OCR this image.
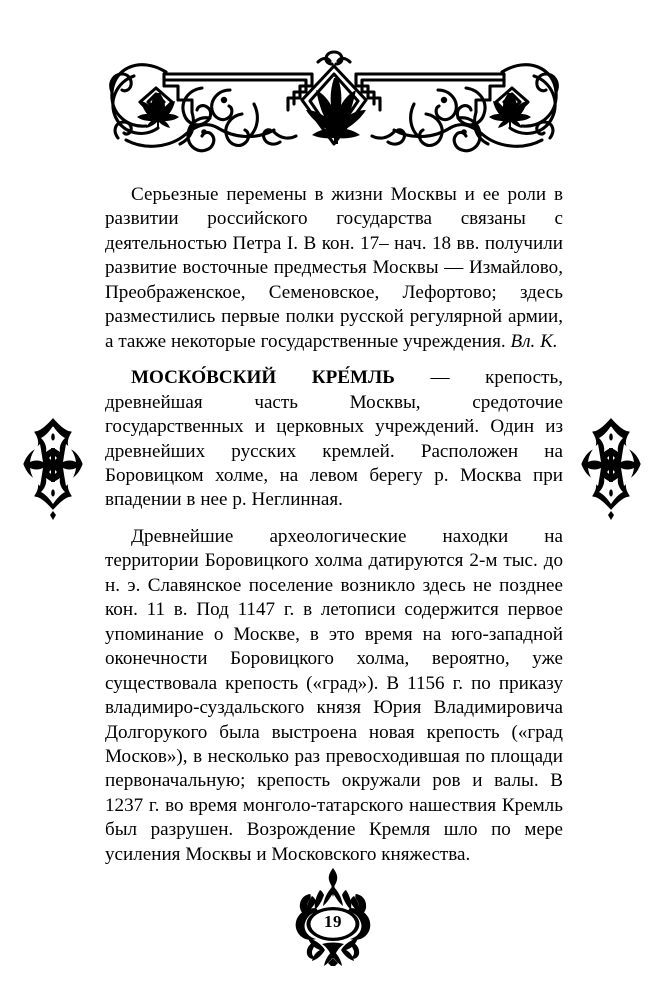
Серьезные перемены в жизни Москвы и ее роли в развитии российского государства связаны с деятельностью Петра I. В кон. 17– нач. 18 вв. получили развитие восточные предместья Москвы — Измайлово, Преображенское, Семеновское, Лефортово; здесь разместились первые полки русской регулярной армии, а также некоторые государственные учреждения. Вл. К.

МОСКО́ВСКИЙ КРЕ́МЛЬ — крепость, древнейшая часть Москвы, средоточие государственных и церковных учреждений. Один из древнейших русских кремлей. Расположен на Боровицком холме, на левом берегу р. Москва при впадении в нее р. Неглинная.

Древнейшие археологические находки на территории Боровицкого холма датируются 2-м тыс. до н. э. Славянское поселение возникло здесь не позднее кон. 11 в. Под 1147 г. в летописи содержится первое упоминание о Москве, в это время на юго-западной оконечности Боровицкого холма, вероятно, уже существовала крепость («град»). В 1156 г. по приказу владимиро-суздальского князя Юрия Владимировича Долгорукого была выстроена новая крепость («град Москов»), в несколько раз превосходившая по площади первоначальную; крепость окружали ров и валы. В 1237 г. во время монголо-татарского нашествия Кремль был разрушен. Возрождение Кремля шло по мере усиления Москвы и Московского княжества.

19
